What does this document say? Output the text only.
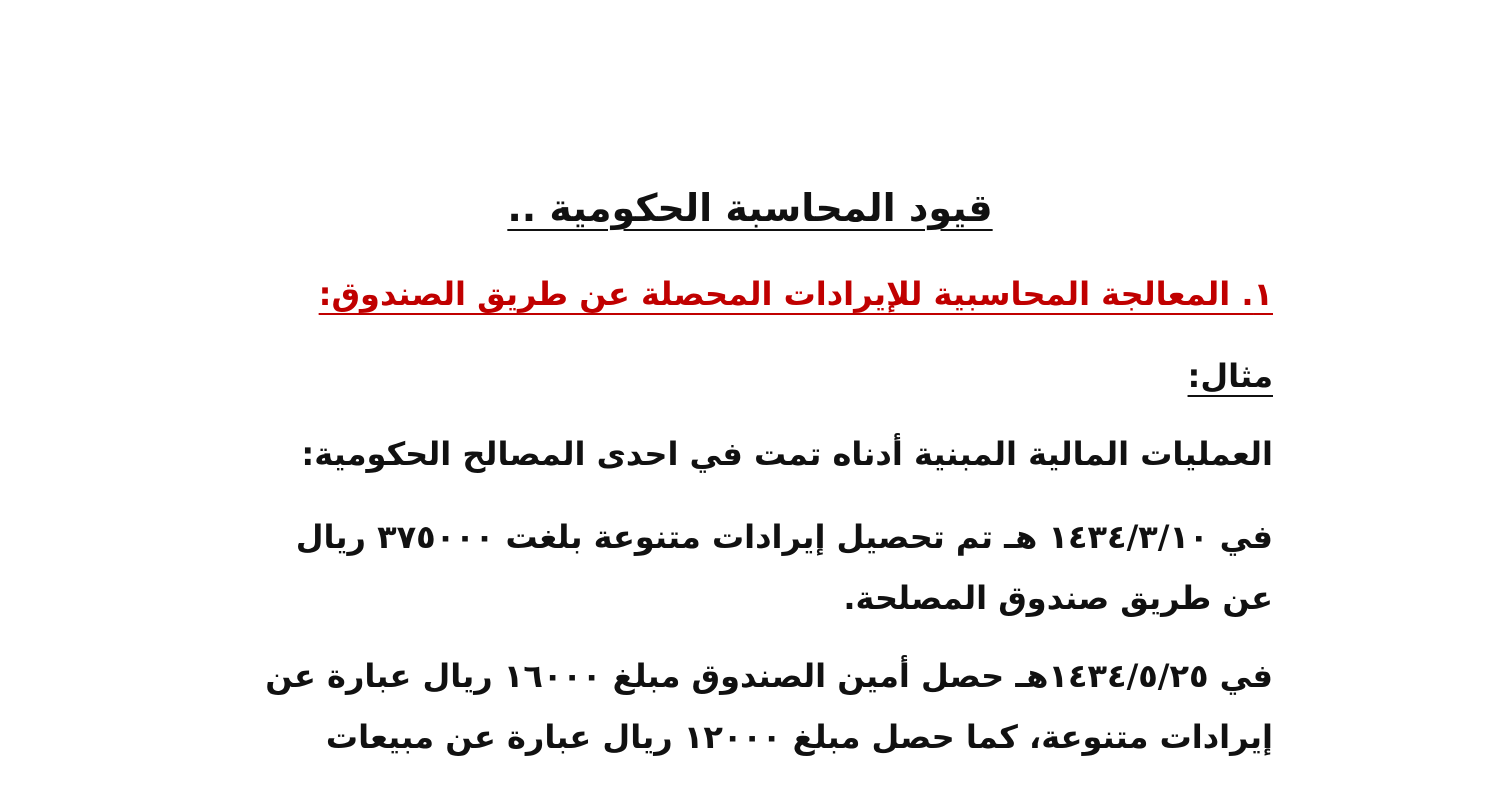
قيود المحاسبة الحكومية ..
١. المعالجة المحاسبية للإيرادات المحصلة عن طريق الصندوق:
مثال:
العمليات المالية المبنية أدناه تمت في احدى المصالح الحكومية:
في ١٤٣٤/٣/١٠ هـ تم تحصيل إيرادات متنوعة بلغت ٣٧٥٠٠٠ ريال
عن طريق صندوق المصلحة.
في ١٤٣٤/٥/٢٥هـ حصل أمين الصندوق مبلغ ١٦٠٠٠ ريال عبارة عن
إيرادات متنوعة، كما حصل مبلغ ١٢٠٠٠ ريال عبارة عن مبيعات
